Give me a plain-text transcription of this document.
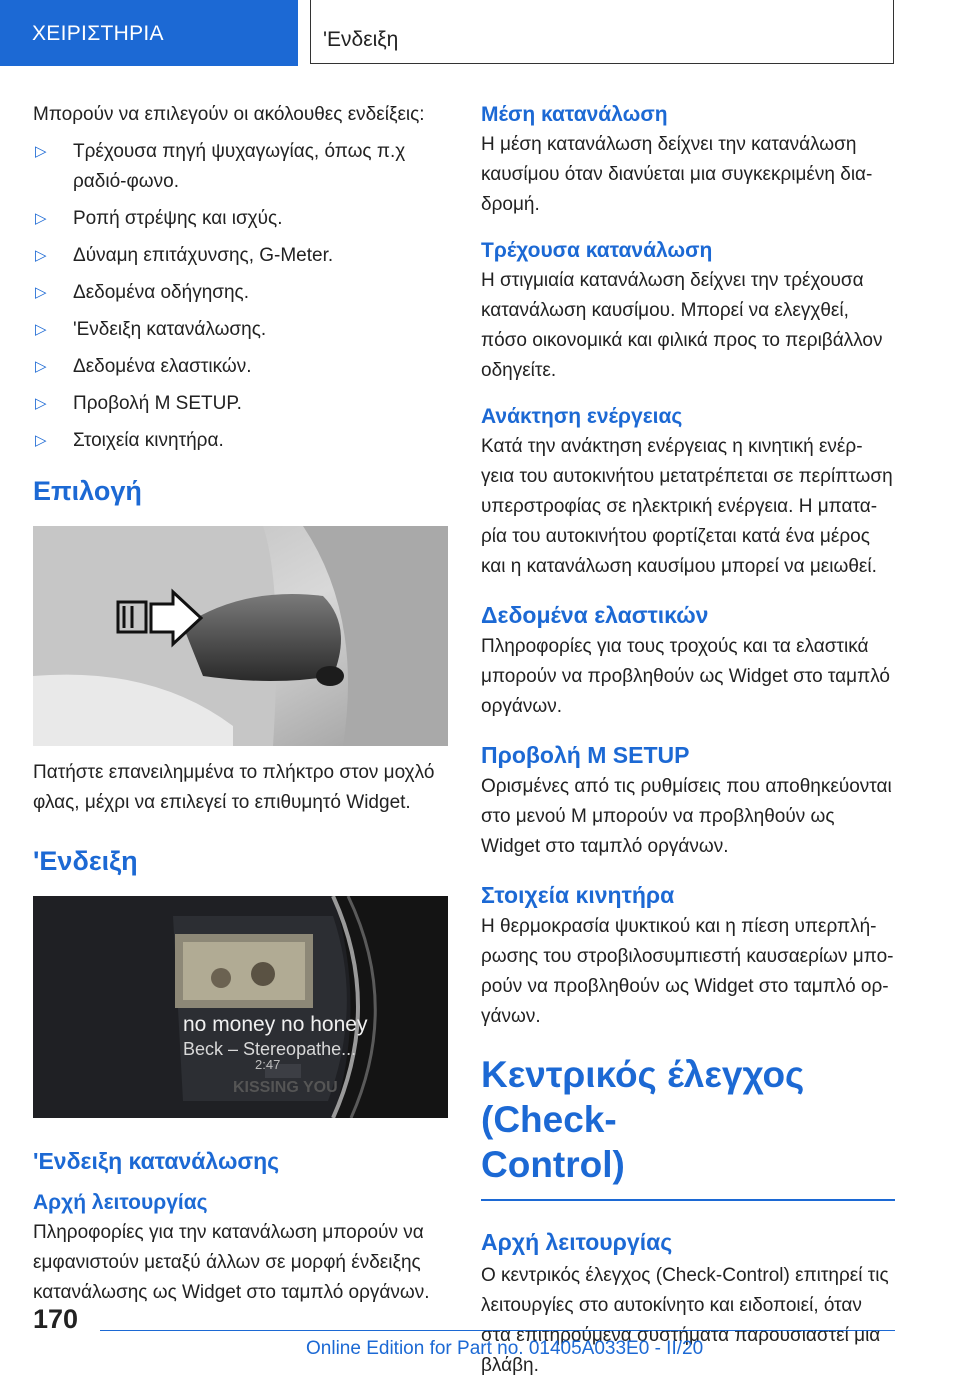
ΧΕΙΡΙΣΤΗΡΙΑ	'Ενδειξη

Μπορούν να επιλεγούν οι ακόλουθες ενδείξεις:

▷ Τρέχουσα πηγή ψυχαγωγίας, όπως π.χ ραδιό-φωνο.
▷ Ροπή στρέψης και ισχύς.
▷ Δύναμη επιτάχυνσης, G-Meter.
▷ Δεδομένα οδήγησης.
▷ 'Ενδειξη κατανάλωσης.
▷ Δεδομένα ελαστικών.
▷ Προβολή M SETUP.
▷ Στοιχεία κινητήρα.
Επιλογή

Πατήστε επανειλημμένα το πλήκτρο στον μοχλό φλας, μέχρι να επιλεγεί το επιθυμητό Widget.

'Ενδειξη
no money no honey
Beck – Stereopathe...
2:47
KISSING YOU
'Ενδειξη κατανάλωσης
Αρχή λειτουργίας

Πληροφορίες για την κατανάλωση μπορούν να εμφανιστούν μεταξύ άλλων σε μορφή ένδειξης κατανάλωσης ως Widget στο ταμπλό οργάνων.

Μέση κατανάλωση

Η μέση κατανάλωση δείχνει την κατανάλωση καυσίμου όταν διανύεται μια συγκεκριμένη δια-δρομή.

Τρέχουσα κατανάλωση

Η στιγμιαία κατανάλωση δείχνει την τρέχουσα κατανάλωση καυσίμου. Μπορεί να ελεγχθεί, πόσο οικονομικά και φιλικά προς το περιβάλλον οδηγείτε.

Ανάκτηση ενέργειας

Κατά την ανάκτηση ενέργειας η κινητική ενέρ-γεια του αυτοκινήτου μετατρέπεται σε περίπτωση υπερστροφίας σε ηλεκτρική ενέργεια. Η μπατα-ρία του αυτοκινήτου φορτίζεται κατά ένα μέρος και η κατανάλωση καυσίμου μπορεί να μειωθεί.

Δεδομένα ελαστικών

Πληροφορίες για τους τροχούς και τα ελαστικά μπορούν να προβληθούν ως Widget στο ταμπλό οργάνων.

Προβολή M SETUP

Ορισμένες από τις ρυθμίσεις που αποθηκεύονται στο μενού M μπορούν να προβληθούν ως Widget στο ταμπλό οργάνων.

Στοιχεία κινητήρα

Η θερμοκρασία ψυκτικού και η πίεση υπερπλή-ρωσης του στροβιλοσυμπιεστή καυσαερίων μπο-ρούν να προβληθούν ως Widget στο ταμπλό ορ-γάνων.

Κεντρικός έλεγχος (Check-

Control)

Αρχή λειτουργίας

Ο κεντρικός έλεγχος (Check-Control) επιτηρεί τις λειτουργίες στο αυτοκίνητο και ειδοποιεί, όταν στα επιτηρούμενα συστήματα παρουσιαστεί μια βλάβη.

170
Online Edition for Part no. 01405A033E0 - II/20
